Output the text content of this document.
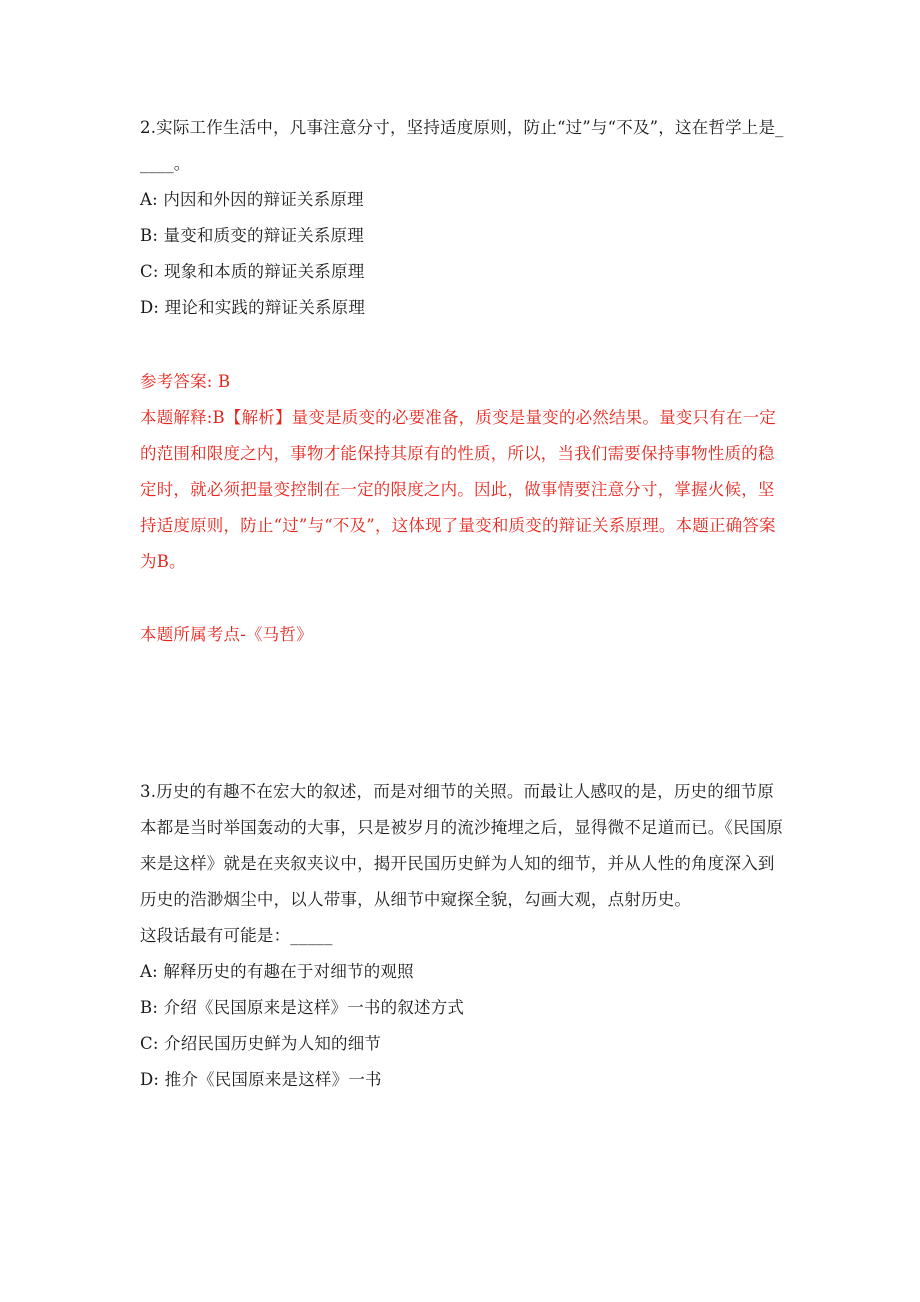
2.实际工作生活中，凡事注意分寸，坚持适度原则，防止“过”与“不及”，这在哲学上是_____。
A: 内因和外因的辩证关系原理
B: 量变和质变的辩证关系原理
C: 现象和本质的辩证关系原理
D: 理论和实践的辩证关系原理
参考答案: B
本题解释:B【解析】量变是质变的必要准备，质变是量变的必然结果。量变只有在一定的范围和限度之内，事物才能保持其原有的性质，所以，当我们需要保持事物性质的稳定时，就必须把量变控制在一定的限度之内。因此，做事情要注意分寸，掌握火候，坚持适度原则，防止“过”与“不及”，这体现了量变和质变的辩证关系原理。本题正确答案为B。
本题所属考点-《马哲》
3.历史的有趣不在宏大的叙述，而是对细节的关照。而最让人感叹的是，历史的细节原本都是当时举国轰动的大事，只是被岁月的流沙掩埋之后，显得微不足道而已。《民国原来是这样》就是在夹叙夹议中，揭开民国历史鲜为人知的细节，并从人性的角度深入到历史的浩渺烟尘中，以人带事，从细节中窥探全貌，勾画大观，点射历史。
这段话最有可能是：_____
A: 解释历史的有趣在于对细节的观照
B: 介绍《民国原来是这样》一书的叙述方式
C: 介绍民国历史鲜为人知的细节
D: 推介《民国原来是这样》一书
